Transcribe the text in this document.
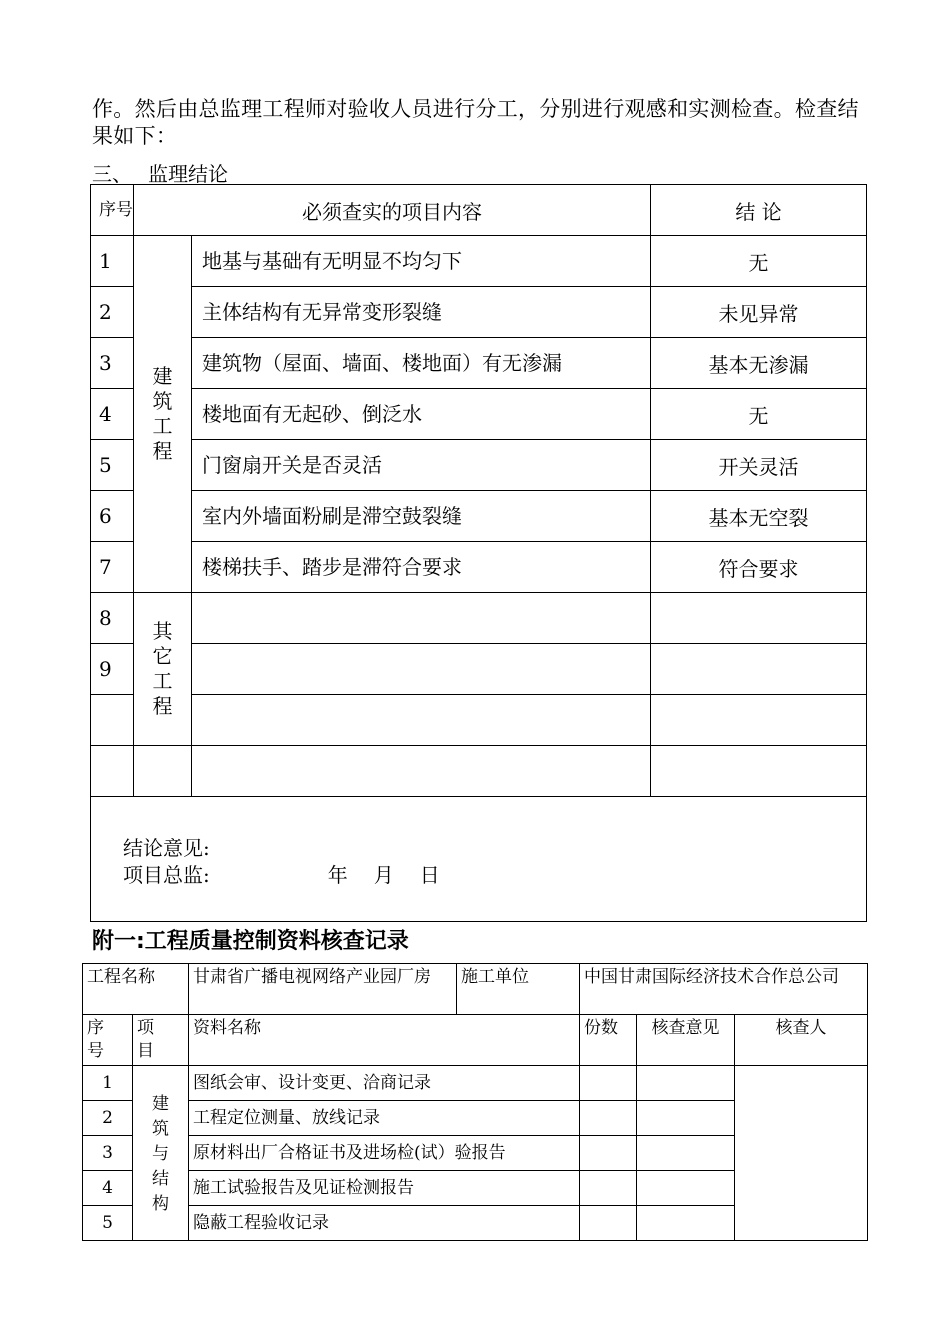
作。然后由总监理工程师对验收人员进行分工，分别进行观感和实测检查。检查结果如下：
三、 监理结论
序号	必须查实的项目内容		结 论
1	建筑工程	地基与基础有无明显不均匀下	无
2		主体结构有无异常变形裂缝	未见异常
3		建筑物（屋面、墙面、楼地面）有无渗漏	基本无渗漏
4		楼地面有无起砂、倒泛水	无
5		门窗扇开关是否灵活	开关灵活
6		室内外墙面粉刷是滞空鼓裂缝	基本无空裂
7		楼梯扶手、踏步是滞符合要求	符合要求
8	其它工程		
9			

结论意见:
项目总监: 年 月 日			
附一:工程质量控制资料核查记录
工程名称		甘肃省广播电视网络产业园厂房	施工单位	中国甘肃国际经济技术合作总公司		
序号	项目	资料名称		份数	核查意见	核查人
1	建筑与结构	图纸会审、设计变更、洽商记录				
2		工程定位测量、放线记录				
3		原材料出厂合格证书及进场检(试）验报告				
4		施工试验报告及见证检测报告				
5		隐蔽工程验收记录				
